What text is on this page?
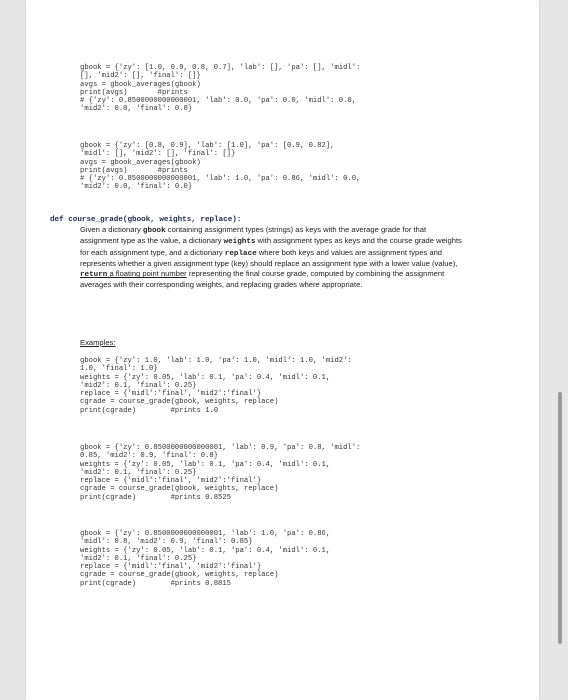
gbook = {'zy': [1.0, 0.9, 0.8, 0.7], 'lab': [], 'pa': [], 'midl':
[], 'mid2': [], 'final': []}
avgs = gbook_averages(gbook)
print(avgs)       #prints
# {'zy': 0.8500000000000001, 'lab': 0.0, 'pa': 0.0, 'midl': 0.0,
'mid2': 0.0, 'final': 0.0}
gbook = {'zy': [0.8, 0.9], 'lab': [1.0], 'pa': [0.9, 0.82],
'midl': [], 'mid2': [], 'final': []}
avgs = gbook_averages(gbook)
print(avgs)       #prints
# {'zy': 0.8500000000000001, 'lab': 1.0, 'pa': 0.86, 'midl': 0.0,
'mid2': 0.0, 'final': 0.0}
def course_grade(gbook, weights, replace):
Given a dictionary gbook containing assignment types (strings) as keys with the average grade for that assignment type as the value, a dictionary weights with assignment types as keys and the course grade weights for each assignment type, and a dictionary replace where both keys and values are assignment types and represents whether a given assignment type (key) should replace an assignment type with a lower value (value), return a floating point number representing the final course grade, computed by combining the assignment averages with their corresponding weights, and replacing grades where appropriate.
Examples:
gbook = {'zy': 1.0, 'lab': 1.0, 'pa': 1.0, 'midl': 1.0, 'mid2':
1.0, 'final': 1.0}
weights = {'zy': 0.05, 'lab': 0.1, 'pa': 0.4, 'midl': 0.1,
'mid2': 0.1, 'final': 0.25}
replace = {'midl':'final', 'mid2':'final'}
cgrade = course_grade(gbook, weights, replace)
print(cgrade)        #prints 1.0
gbook = {'zy': 0.8500000000000001, 'lab': 0.9, 'pa': 0.8, 'midl':
0.85, 'mid2': 0.9, 'final': 0.8}
weights = {'zy': 0.05, 'lab': 0.1, 'pa': 0.4, 'midl': 0.1,
'mid2': 0.1, 'final': 0.25}
replace = {'midl':'final', 'mid2':'final'}
cgrade = course_grade(gbook, weights, replace)
print(cgrade)        #prints 0.8525
gbook = {'zy': 0.8500000000000001, 'lab': 1.0, 'pa': 0.86,
'midl': 0.8, 'mid2': 0.9, 'final': 0.85}
weights = {'zy': 0.05, 'lab': 0.1, 'pa': 0.4, 'midl': 0.1,
'mid2': 0.1, 'final': 0.25}
replace = {'midl':'final', 'mid2':'final'}
cgrade = course_grade(gbook, weights, replace)
print(cgrade)        #prints 0.8815
